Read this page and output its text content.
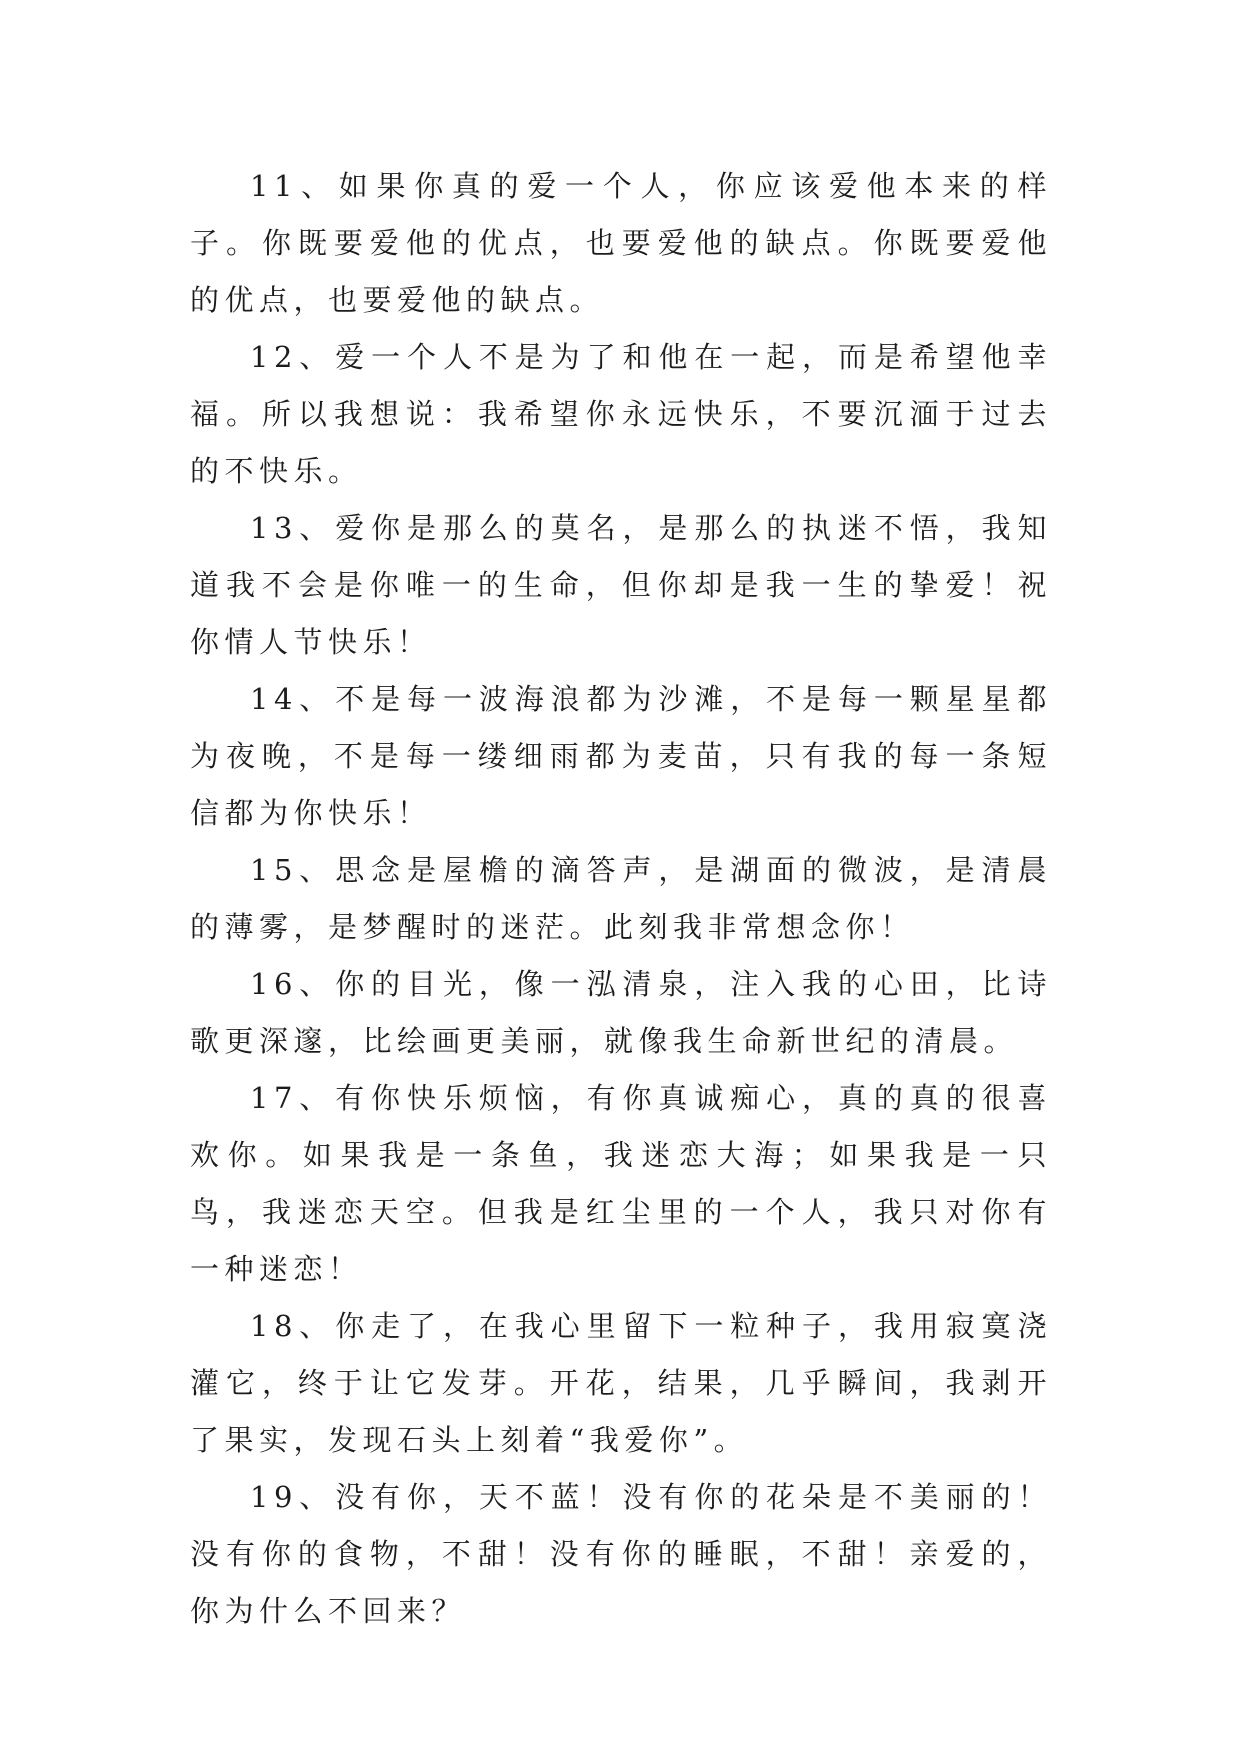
11、如果你真的爱一个人，你应该爱他本来的样子。你既要爱他的优点，也要爱他的缺点。你既要爱他的优点，也要爱他的缺点。

12、爱一个人不是为了和他在一起，而是希望他幸福。所以我想说：我希望你永远快乐，不要沉湎于过去的不快乐。

13、爱你是那么的莫名，是那么的执迷不悟，我知道我不会是你唯一的生命，但你却是我一生的挚爱！祝你情人节快乐！

14、不是每一波海浪都为沙滩，不是每一颗星星都为夜晚，不是每一缕细雨都为麦苗，只有我的每一条短信都为你快乐！

15、思念是屋檐的滴答声，是湖面的微波，是清晨的薄雾，是梦醒时的迷茫。此刻我非常想念你！

16、你的目光，像一泓清泉，注入我的心田，比诗歌更深邃，比绘画更美丽，就像我生命新世纪的清晨。

17、有你快乐烦恼，有你真诚痴心，真的真的很喜欢你。如果我是一条鱼，我迷恋大海；如果我是一只鸟，我迷恋天空。但我是红尘里的一个人，我只对你有一种迷恋！

18、你走了，在我心里留下一粒种子，我用寂寞浇灌它，终于让它发芽。开花，结果，几乎瞬间，我剥开了果实，发现石头上刻着“我爱你”。

19、没有你，天不蓝！没有你的花朵是不美丽的！没有你的食物，不甜！没有你的睡眠，不甜！亲爱的，你为什么不回来？
